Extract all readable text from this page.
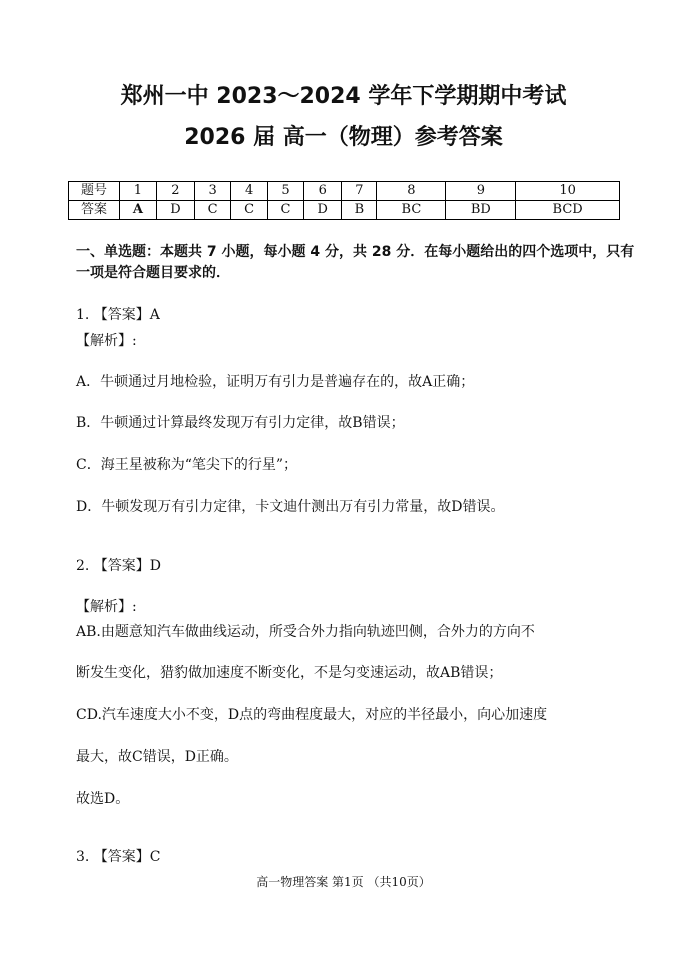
郑州一中 2023～2024 学年下学期期中考试
2026 届 高一（物理）参考答案
题号	1	2	3	4	5	6	7	8	9	10
答案	A	D	C	C	C	D	B	BC	BD	BCD
一、单选题：本题共 7 小题，每小题 4 分，共 28 分．在每小题给出的四个选项中，只有一项是符合题目要求的．
1. 【答案】A
【解析】:
A．牛顿通过月地检验，证明万有引力是普遍存在的，故A正确；
B．牛顿通过计算最终发现万有引力定律，故B错误；
C．海王星被称为“笔尖下的行星”；
D．牛顿发现万有引力定律，卡文迪什测出万有引力常量，故D错误。
2. 【答案】D
【解析】:
AB.由题意知汽车做曲线运动，所受合外力指向轨迹凹侧，合外力的方向不
断发生变化，猎豹做加速度不断变化，不是匀变速运动，故AB错误；
CD.汽车速度大小不变，D点的弯曲程度最大，对应的半径最小，向心加速度
最大，故C错误，D正确。
故选D。
3. 【答案】C
高一物理答案 第1页 （共10页）
